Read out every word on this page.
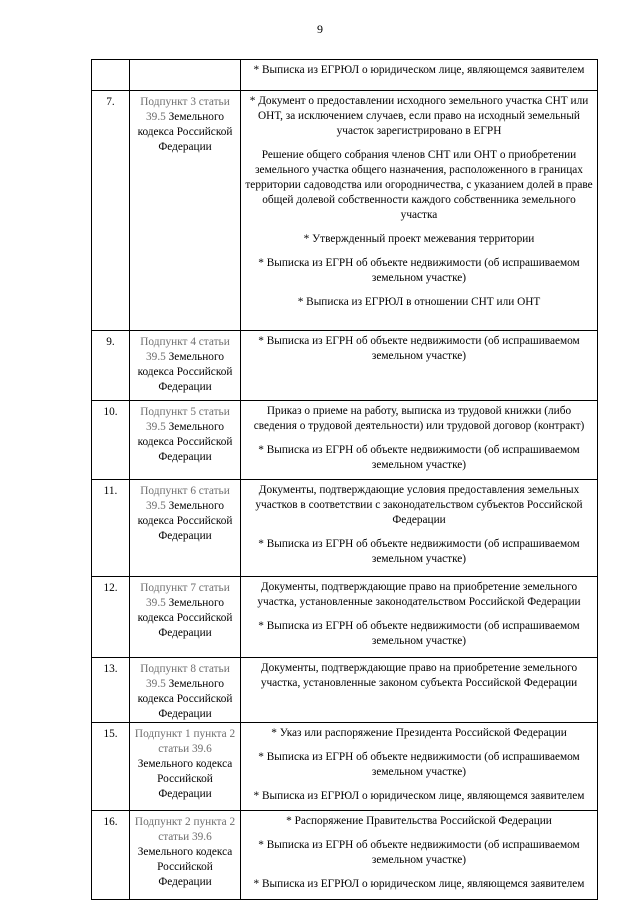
9

		* Выписка из ЕГРЮЛ о юридическом лице, являющемся заявителем

7.	Подпункт 3 статьи 39.5 Земельного кодекса Российской Федерации	* Документ о предоставлении исходного земельного участка СНТ или ОНТ, за исключением случаев, если право на исходный земельный участок зарегистрировано в ЕГРН

Решение общего собрания членов СНТ или ОНТ о приобретении земельного участка общего назначения, расположенного в границах территории садоводства или огородничества, с указанием долей в праве общей долевой собственности каждого собственника земельного участка

* Утвержденный проект межевания территории

* Выписка из ЕГРН об объекте недвижимости (об испрашиваемом земельном участке)

* Выписка из ЕГРЮЛ в отношении СНТ или ОНТ

9.	Подпункт 4 статьи 39.5 Земельного кодекса Российской Федерации	* Выписка из ЕГРН об объекте недвижимости (об испрашиваемом земельном участке)

10.	Подпункт 5 статьи 39.5 Земельного кодекса Российской Федерации	Приказ о приеме на работу, выписка из трудовой книжки (либо сведения о трудовой деятельности) или трудовой договор (контракт)

* Выписка из ЕГРН об объекте недвижимости (об испрашиваемом земельном участке)

11.	Подпункт 6 статьи 39.5 Земельного кодекса Российской Федерации	Документы, подтверждающие условия предоставления земельных участков в соответствии с законодательством субъектов Российской Федерации

* Выписка из ЕГРН об объекте недвижимости (об испрашиваемом земельном участке)

12.	Подпункт 7 статьи 39.5 Земельного кодекса Российской Федерации	Документы, подтверждающие право на приобретение земельного участка, установленные законодательством Российской Федерации

* Выписка из ЕГРН об объекте недвижимости (об испрашиваемом земельном участке)

13.	Подпункт 8 статьи 39.5 Земельного кодекса Российской Федерации	Документы, подтверждающие право на приобретение земельного участка, установленные законом субъекта Российской Федерации

15.	Подпункт 1 пункта 2 статьи 39.6 Земельного кодекса Российской Федерации	* Указ или распоряжение Президента Российской Федерации

* Выписка из ЕГРН об объекте недвижимости (об испрашиваемом земельном участке)

* Выписка из ЕГРЮЛ о юридическом лице, являющемся заявителем

16.	Подпункт 2 пункта 2 статьи 39.6 Земельного кодекса Российской Федерации	* Распоряжение Правительства Российской Федерации

* Выписка из ЕГРН об объекте недвижимости (об испрашиваемом земельном участке)

* Выписка из ЕГРЮЛ о юридическом лице, являющемся заявителем
